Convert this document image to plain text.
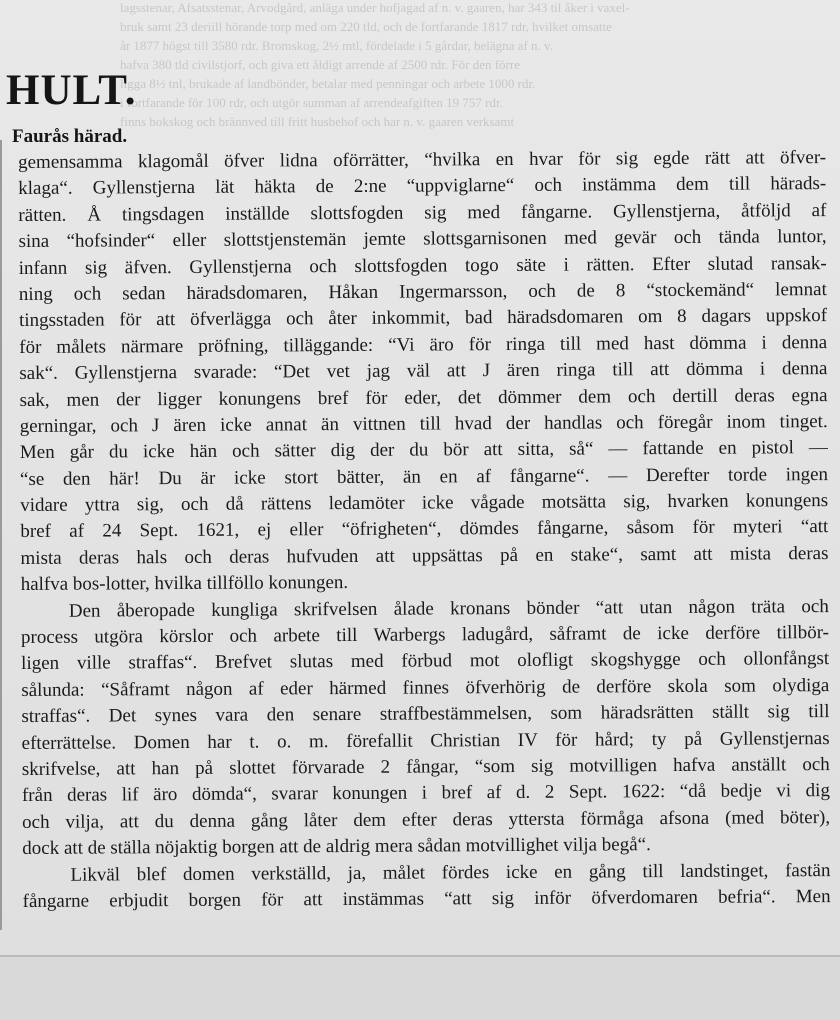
lagsstenar, Afsatsstenar, Arvodgård, anläga under hofjagad af n. v. gaaren, har 343 til åker i vaxel-
bruk samt 23 deriill hörande torp med om 220 tld, och de fortfarande 1817 rdr, hvilket omsatte
år 1877 högst till 3580 rdr. Bromskog, 2½ mtl, fördelade i 5 gårdar, belägna af n. v.
hafva 380 tld civilstjorf, och giva ett åldigt arrende af 2500 rdr. För den förre
ligga 8½ tnl, brukade af landbönder, betalar med penningar och arbete 1000 rdr.
i fortfarande för 100 rdr, och utgör summan af arrendeafgiften 19 757 rdr.
finns bokskog och brännved till fritt husbehof och har n. v. gaaren verksamt
HULT.
Faurås härad.
gemensamma klagomål öfver lidna oförrätter, “hvilka en hvar för sig egde rätt att öfver-
klaga“. Gyllenstjerna lät häkta de 2:ne “uppviglarne“ och instämma dem till härads-
rätten. Å tingsdagen inställde slottsfogden sig med fångarne. Gyllenstjerna, åtföljd af
sina “hofsinder“ eller slottstjenstemän jemte slottsgarnisonen med gevär och tända luntor,
infann sig äfven. Gyllenstjerna och slottsfogden togo säte i rätten. Efter slutad ransak-
ning och sedan häradsdomaren, Håkan Ingermarsson, och de 8 “stockemänd“ lemnat
tingsstaden för att öfverlägga och åter inkommit, bad häradsdomaren om 8 dagars uppskof
för målets närmare pröfning, tilläggande: “Vi äro för ringa till med hast dömma i denna
sak“. Gyllenstjerna svarade: “Det vet jag väl att J ären ringa till att dömma i denna
sak, men der ligger konungens bref för eder, det dömmer dem och dertill deras egna
gerningar, och J ären icke annat än vittnen till hvad der handlas och föregår inom tinget.
Men går du icke hän och sätter dig der du bör att sitta, så“ — fattande en pistol —
“se den här! Du är icke stort bätter, än en af fångarne“. — Derefter torde ingen
vidare yttra sig, och då rättens ledamöter icke vågade motsätta sig, hvarken konungens
bref af 24 Sept. 1621, ej eller “öfrigheten“, dömdes fångarne, såsom för myteri “att
mista deras hals och deras hufvuden att uppsättas på en stake“, samt att mista deras
halfva bos-lotter, hvilka tillföllo konungen.
Den åberopade kungliga skrifvelsen ålade kronans bönder “att utan någon träta och
process utgöra körslor och arbete till Warbergs ladugård, såframt de icke derföre tillbör-
ligen ville straffas“. Brefvet slutas med förbud mot olofligt skogshygge och ollonfångst
sålunda: “Såframt någon af eder härmed finnes öfverhörig de derföre skola som olydiga
straffas“. Det synes vara den senare straffbestämmelsen, som häradsrätten ställt sig till
efterrättelse. Domen har t. o. m. förefallit Christian IV för hård; ty på Gyllenstjernas
skrifvelse, att han på slottet förvarade 2 fångar, “som sig motvilligen hafva anställt och
från deras lif äro dömda“, svarar konungen i bref af d. 2 Sept. 1622: “då bedje vi dig
och vilja, att du denna gång låter dem efter deras yttersta förmåga afsona (med böter),
dock att de ställa nöjaktig borgen att de aldrig mera sådan motvillighet vilja begå“.
Likväl blef domen verkställd, ja, målet fördes icke en gång till landstinget, fastän
fångarne erbjudit borgen för att instämmas “att sig inför öfverdomaren befria“. Men
